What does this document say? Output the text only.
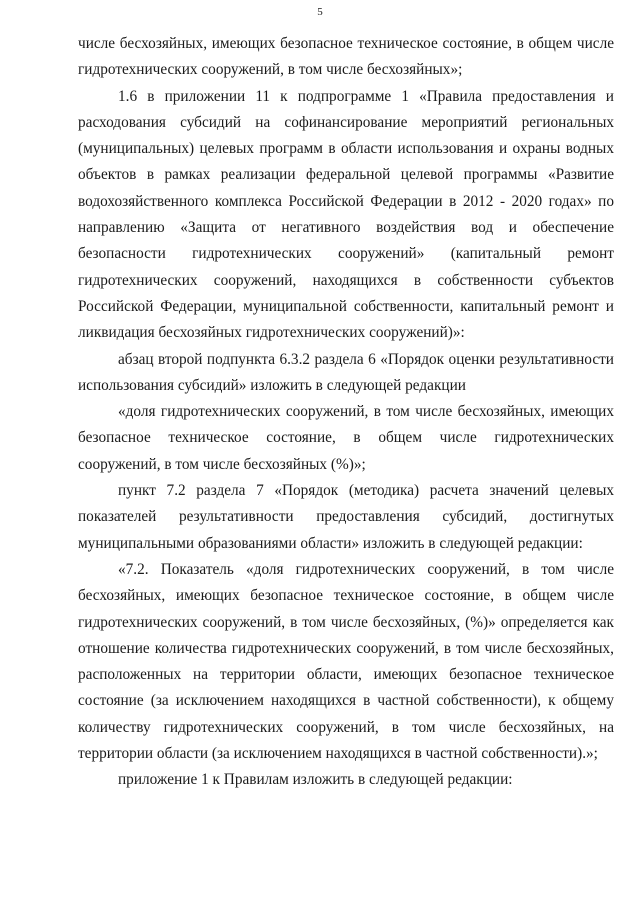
5

числе бесхозяйных, имеющих безопасное техническое состояние, в общем числе гидротехнических сооружений, в том числе бесхозяйных»;

1.6 в приложении 11 к подпрограмме 1 «Правила предоставления и расходования субсидий на софинансирование мероприятий региональных (муниципальных) целевых программ в области использования и охраны водных объектов в рамках реализации федеральной целевой программы «Развитие водохозяйственного комплекса Российской Федерации в 2012 - 2020 годах» по направлению «Защита от негативного воздействия вод и обеспечение безопасности гидротехнических сооружений» (капитальный ремонт гидротехнических сооружений, находящихся в собственности субъектов Российской Федерации, муниципальной собственности, капитальный ремонт и ликвидация бесхозяйных гидротехнических сооружений)»:

абзац второй подпункта 6.3.2 раздела 6 «Порядок оценки результативности использования субсидий» изложить в следующей редакции

«доля гидротехнических сооружений, в том числе бесхозяйных, имеющих безопасное техническое состояние, в общем числе гидротехнических сооружений, в том числе бесхозяйных (%)»;

пункт 7.2 раздела 7 «Порядок (методика) расчета значений целевых показателей результативности предоставления субсидий, достигнутых муниципальными образованиями области» изложить в следующей редакции:

«7.2. Показатель «доля гидротехнических сооружений, в том числе бесхозяйных, имеющих безопасное техническое состояние, в общем числе гидротехнических сооружений, в том числе бесхозяйных, (%)» определяется как отношение количества гидротехнических сооружений, в том числе бесхозяйных, расположенных на территории области, имеющих безопасное техническое состояние (за исключением находящихся в частной собственности), к общему количеству гидротехнических сооружений, в том числе бесхозяйных, на территории области (за исключением находящихся в частной собственности).»;

приложение 1 к Правилам изложить в следующей редакции:
